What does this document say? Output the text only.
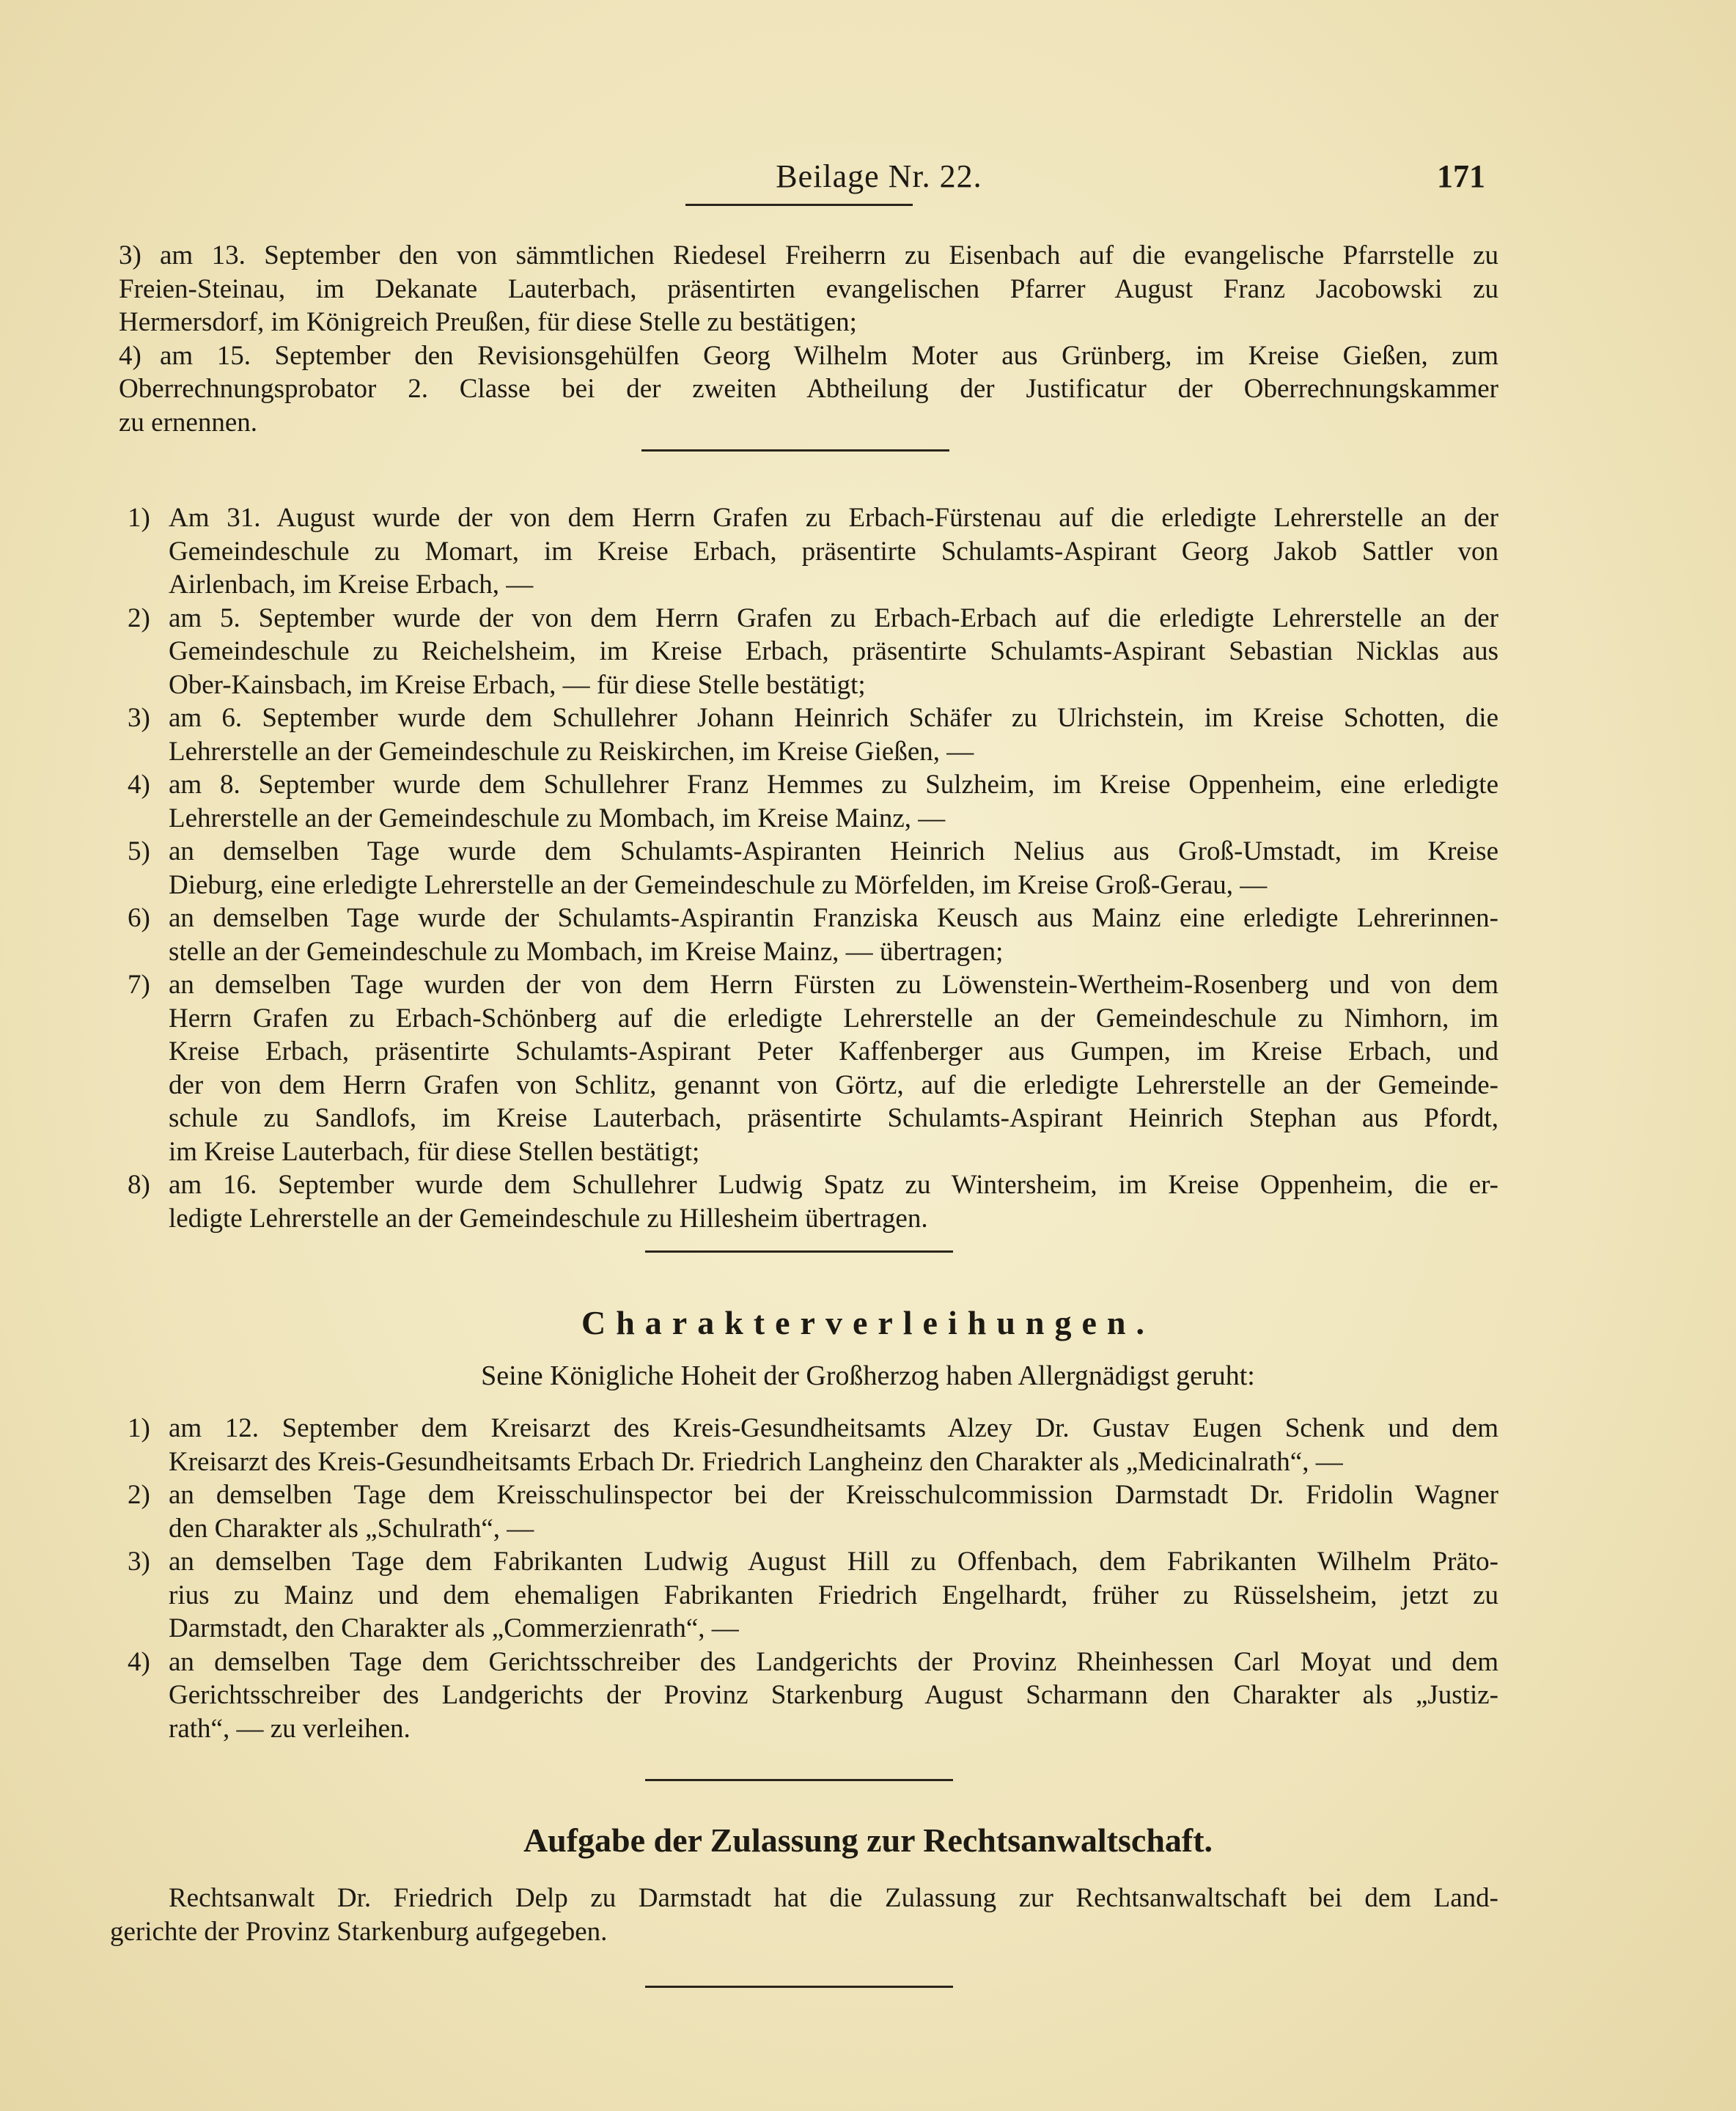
Beilage Nr. 22.	171
3) am 13. September den von sämmtlichen Riedesel Freiherrn zu Eisenbach auf die evangelische Pfarrstelle zu
Freien-Steinau, im Dekanate Lauterbach, präsentirten evangelischen Pfarrer August Franz Jacobowski zu
Hermersdorf, im Königreich Preußen, für diese Stelle zu bestätigen;
4) am 15. September den Revisionsgehülfen Georg Wilhelm Moter aus Grünberg, im Kreise Gießen, zum
Oberrechnungsprobator 2. Classe bei der zweiten Abtheilung der Justificatur der Oberrechnungskammer
zu ernennen.
1) Am 31. August wurde der von dem Herrn Grafen zu Erbach-Fürstenau auf die erledigte Lehrerstelle an der
Gemeindeschule zu Momart, im Kreise Erbach, präsentirte Schulamts-Aspirant Georg Jakob Sattler von
Airlenbach, im Kreise Erbach, —
2) am 5. September wurde der von dem Herrn Grafen zu Erbach-Erbach auf die erledigte Lehrerstelle an der
Gemeindeschule zu Reichelsheim, im Kreise Erbach, präsentirte Schulamts-Aspirant Sebastian Nicklas aus
Ober-Kainsbach, im Kreise Erbach, — für diese Stelle bestätigt;
3) am 6. September wurde dem Schullehrer Johann Heinrich Schäfer zu Ulrichstein, im Kreise Schotten, die
Lehrerstelle an der Gemeindeschule zu Reiskirchen, im Kreise Gießen, —
4) am 8. September wurde dem Schullehrer Franz Hemmes zu Sulzheim, im Kreise Oppenheim, eine erledigte
Lehrerstelle an der Gemeindeschule zu Mombach, im Kreise Mainz, —
5) an demselben Tage wurde dem Schulamts-Aspiranten Heinrich Nelius aus Groß-Umstadt, im Kreise
Dieburg, eine erledigte Lehrerstelle an der Gemeindeschule zu Mörfelden, im Kreise Groß-Gerau, —
6) an demselben Tage wurde der Schulamts-Aspirantin Franziska Keusch aus Mainz eine erledigte Lehrerinnen-
stelle an der Gemeindeschule zu Mombach, im Kreise Mainz, — übertragen;
7) an demselben Tage wurden der von dem Herrn Fürsten zu Löwenstein-Wertheim-Rosenberg und von dem
Herrn Grafen zu Erbach-Schönberg auf die erledigte Lehrerstelle an der Gemeindeschule zu Nimhorn, im
Kreise Erbach, präsentirte Schulamts-Aspirant Peter Kaffenberger aus Gumpen, im Kreise Erbach, und
der von dem Herrn Grafen von Schlitz, genannt von Görtz, auf die erledigte Lehrerstelle an der Gemeinde-
schule zu Sandlofs, im Kreise Lauterbach, präsentirte Schulamts-Aspirant Heinrich Stephan aus Pfordt,
im Kreise Lauterbach, für diese Stellen bestätigt;
8) am 16. September wurde dem Schullehrer Ludwig Spatz zu Wintersheim, im Kreise Oppenheim, die er-
ledigte Lehrerstelle an der Gemeindeschule zu Hillesheim übertragen.
Charakterverleihungen.
Seine Königliche Hoheit der Großherzog haben Allergnädigst geruht:
1) am 12. September dem Kreisarzt des Kreis-Gesundheitsamts Alzey Dr. Gustav Eugen Schenk und dem
Kreisarzt des Kreis-Gesundheitsamts Erbach Dr. Friedrich Langheinz den Charakter als „Medicinalrath“, —
2) an demselben Tage dem Kreisschulinspector bei der Kreisschulcommission Darmstadt Dr. Fridolin Wagner
den Charakter als „Schulrath“, —
3) an demselben Tage dem Fabrikanten Ludwig August Hill zu Offenbach, dem Fabrikanten Wilhelm Präto-
rius zu Mainz und dem ehemaligen Fabrikanten Friedrich Engelhardt, früher zu Rüsselsheim, jetzt zu
Darmstadt, den Charakter als „Commerzienrath“, —
4) an demselben Tage dem Gerichtsschreiber des Landgerichts der Provinz Rheinhessen Carl Moyat und dem
Gerichtsschreiber des Landgerichts der Provinz Starkenburg August Scharmann den Charakter als „Justiz-
rath“, — zu verleihen.
Aufgabe der Zulassung zur Rechtsanwaltschaft.
Rechtsanwalt Dr. Friedrich Delp zu Darmstadt hat die Zulassung zur Rechtsanwaltschaft bei dem Land-
gerichte der Provinz Starkenburg aufgegeben.
